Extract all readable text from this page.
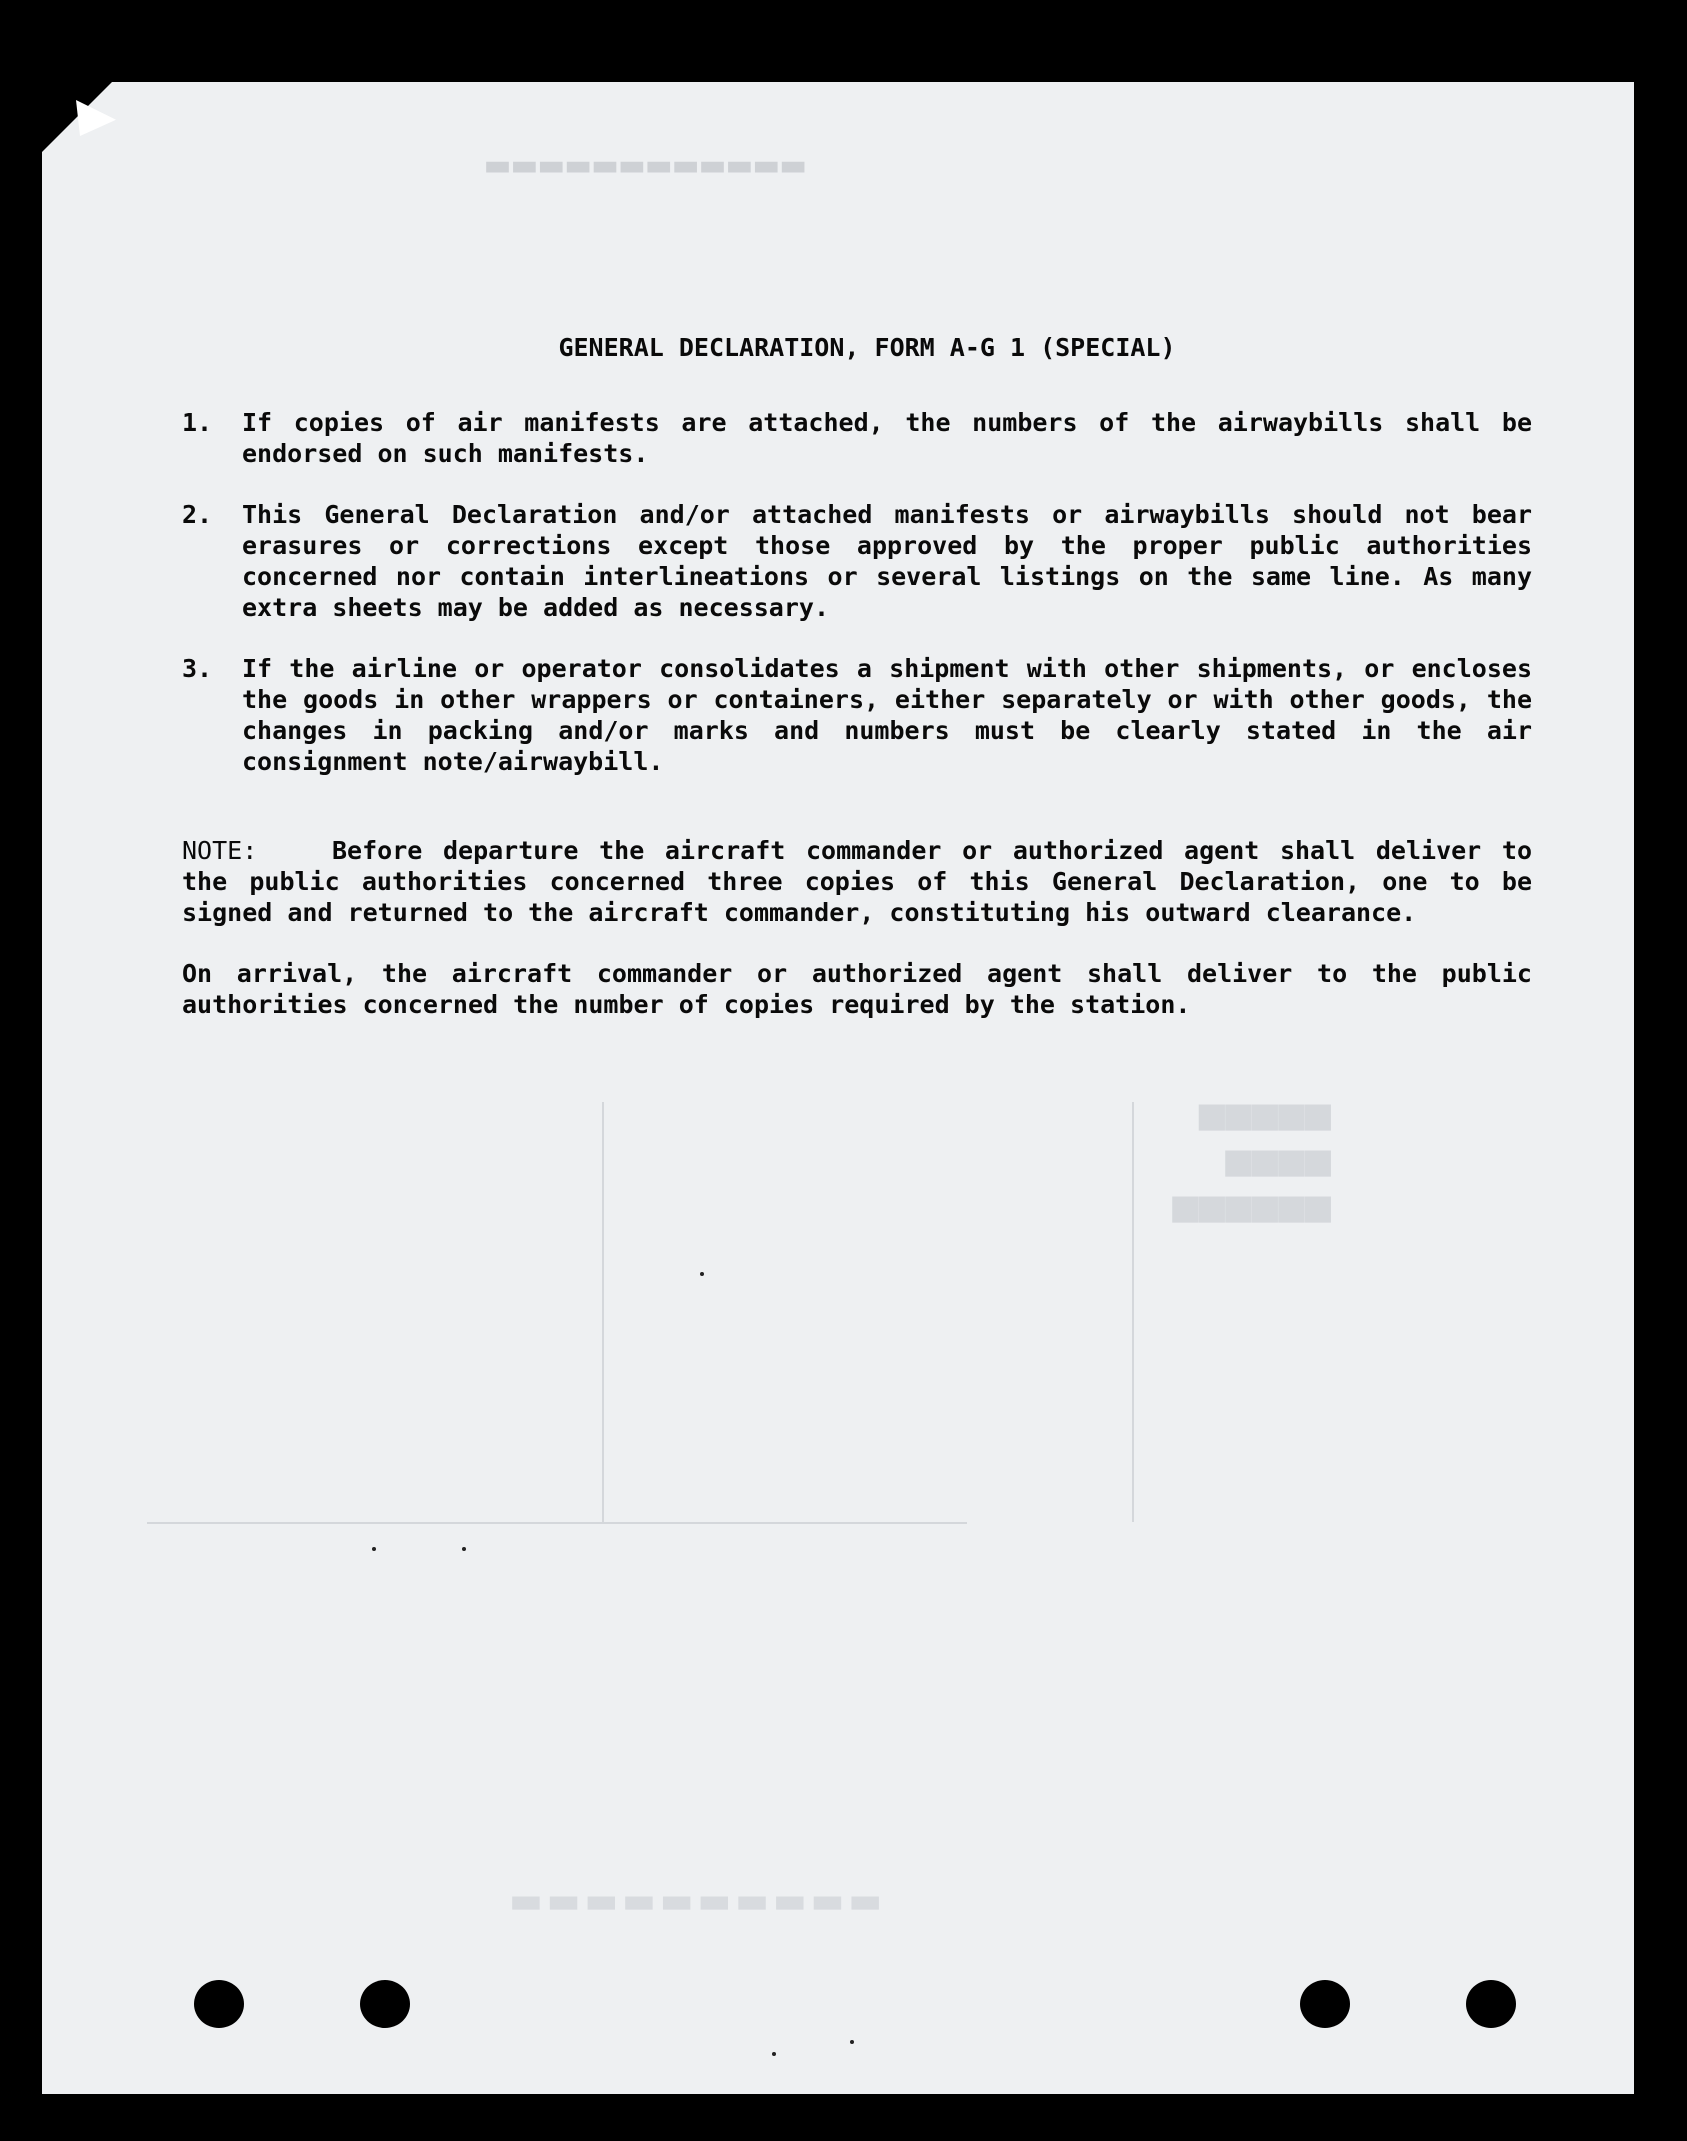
▬▬▬▬▬▬▬▬▬▬▬▬
■■■■■
■■■■
■■■■■■
▬▬▬▬▬▬▬▬▬▬
GENERAL DECLARATION, FORM A-G 1 (SPECIAL)
1.	If copies of air manifests are attached, the numbers of the airwaybills shall be endorsed on such manifests.
2.	This General Declaration and/or attached manifests or airwaybills should not bear erasures or corrections except those approved by the proper public authorities concerned nor contain interlineations or several listings on the same line. As many extra sheets may be added as necessary.
3.	If the airline or operator consolidates a shipment with other shipments, or encloses the goods in other wrappers or containers, either separately or with other goods, the changes in packing and/or marks and numbers must be clearly stated in the air consignment note/airwaybill.
NOTE:	Before departure the aircraft commander or authorized agent shall deliver to the public authorities concerned three copies of this General Declaration, one to be signed and returned to the aircraft commander, constituting his outward clearance.
On arrival, the aircraft commander or authorized agent shall deliver to the public authorities concerned the number of copies required by the station.
